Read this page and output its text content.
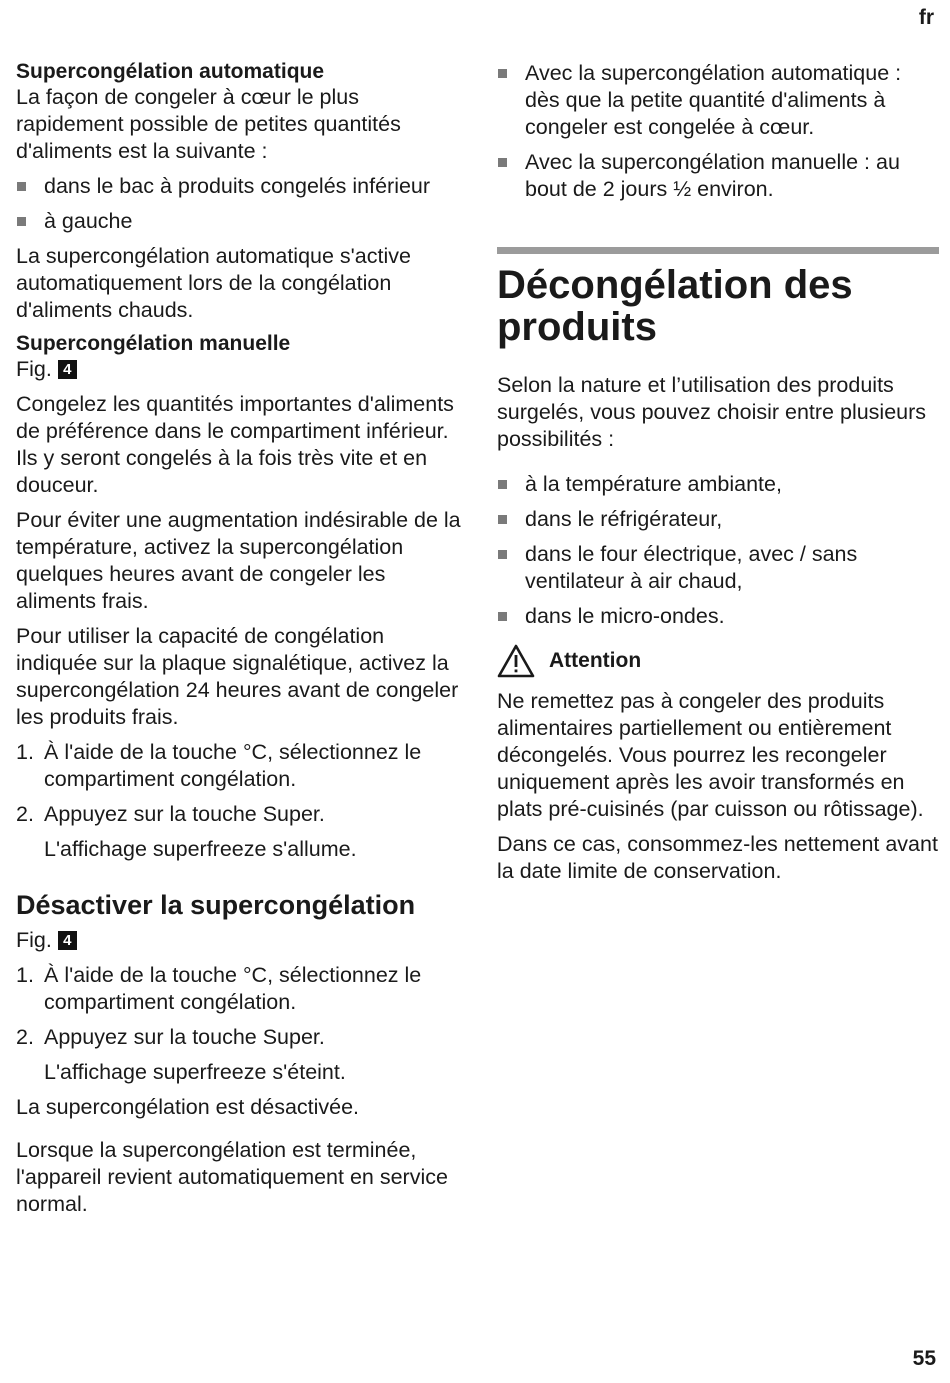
fr
Supercongélation automatique

La façon de congeler à cœur le plus rapidement possible de petites quantités d'aliments est la suivante :

dans le bac à produits congelés inférieur
à gauche

La supercongélation automatique s'active automatiquement lors de la congélation d'aliments chauds.

Supercongélation manuelle

Fig. 4

Congelez les quantités importantes d'aliments de préférence dans le compartiment inférieur. Ils y seront congelés à la fois très vite et en douceur.

Pour éviter une augmentation indésirable de la température, activez la supercongélation quelques heures avant de congeler les aliments frais.

Pour utiliser la capacité de congélation indiquée sur la plaque signalétique, activez la supercongélation 24 heures avant de congeler les produits frais.

1. À l'aide de la touche °C, sélectionnez le compartiment congélation.
2. Appuyez sur la touche Super.
L'affichage superfreeze s'allume.
Désactiver la supercongélation

Fig. 4

1. À l'aide de la touche °C, sélectionnez le compartiment congélation.
2. Appuyez sur la touche Super.
L'affichage superfreeze s'éteint.

La supercongélation est désactivée.

Lorsque la supercongélation est terminée, l'appareil revient automatiquement en service normal.

Avec la supercongélation automatique : dès que la petite quantité d'aliments à congeler est congelée à cœur.
Avec la supercongélation manuelle : au bout de 2 jours ½ environ.
Décongélation des produits

Selon la nature et l’utilisation des produits surgelés, vous pouvez choisir entre plusieurs possibilités :

à la température ambiante,
dans le réfrigérateur,
dans le four électrique, avec / sans ventilateur à air chaud,
dans le micro-ondes.
Attention

Ne remettez pas à congeler des produits alimentaires partiellement ou entièrement décongelés. Vous pourrez les recongeler uniquement après les avoir transformés en plats pré-cuisinés (par cuisson ou rôtissage).

Dans ce cas, consommez-les nettement avant la date limite de conservation.

55
